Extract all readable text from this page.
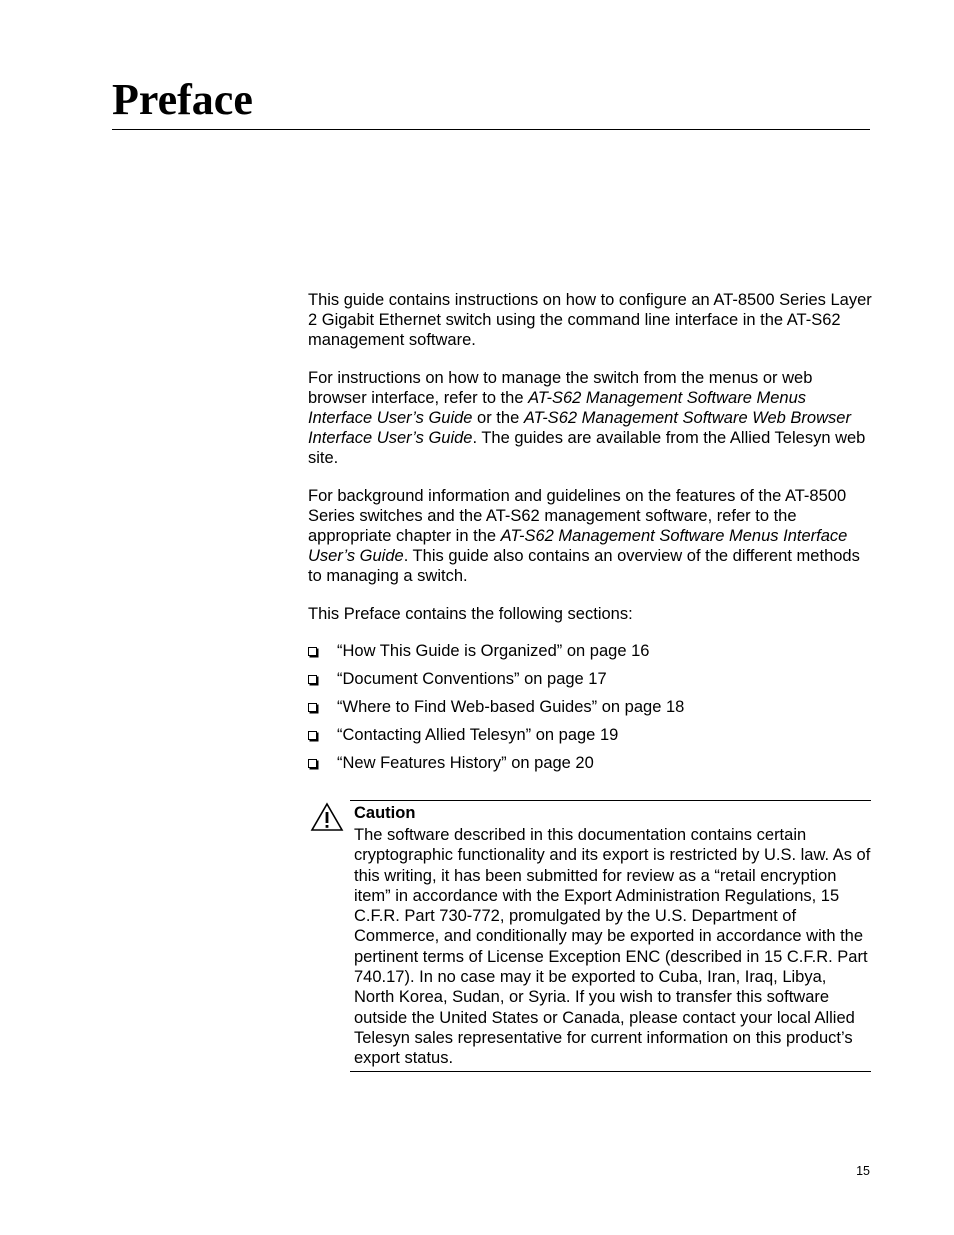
Preface

This guide contains instructions on how to configure an AT-8500 Series Layer 2 Gigabit Ethernet switch using the command line interface in the AT-S62 management software.

For instructions on how to manage the switch from the menus or web browser interface, refer to the AT-S62 Management Software Menus Interface User’s Guide or the AT-S62 Management Software Web Browser Interface User’s Guide. The guides are available from the Allied Telesyn web site.

For background information and guidelines on the features of the AT-8500 Series switches and the AT-S62 management software, refer to the appropriate chapter in the AT-S62 Management Software Menus Interface User’s Guide. This guide also contains an overview of the different methods to managing a switch.

This Preface contains the following sections:

“How This Guide is Organized” on page 16
“Document Conventions” on page 17
“Where to Find Web-based Guides” on page 18
“Contacting Allied Telesyn” on page 19
“New Features History” on page 20
Caution

The software described in this documentation contains certain cryptographic functionality and its export is restricted by U.S. law. As of this writing, it has been submitted for review as a “retail encryption item” in accordance with the Export Administration Regulations, 15 C.F.R. Part 730-772, promulgated by the U.S. Department of Commerce, and conditionally may be exported in accordance with the pertinent terms of License Exception ENC (described in 15 C.F.R. Part 740.17). In no case may it be exported to Cuba, Iran, Iraq, Libya, North Korea, Sudan, or Syria. If you wish to transfer this software outside the United States or Canada, please contact your local Allied Telesyn sales representative for current information on this product’s export status.

15
